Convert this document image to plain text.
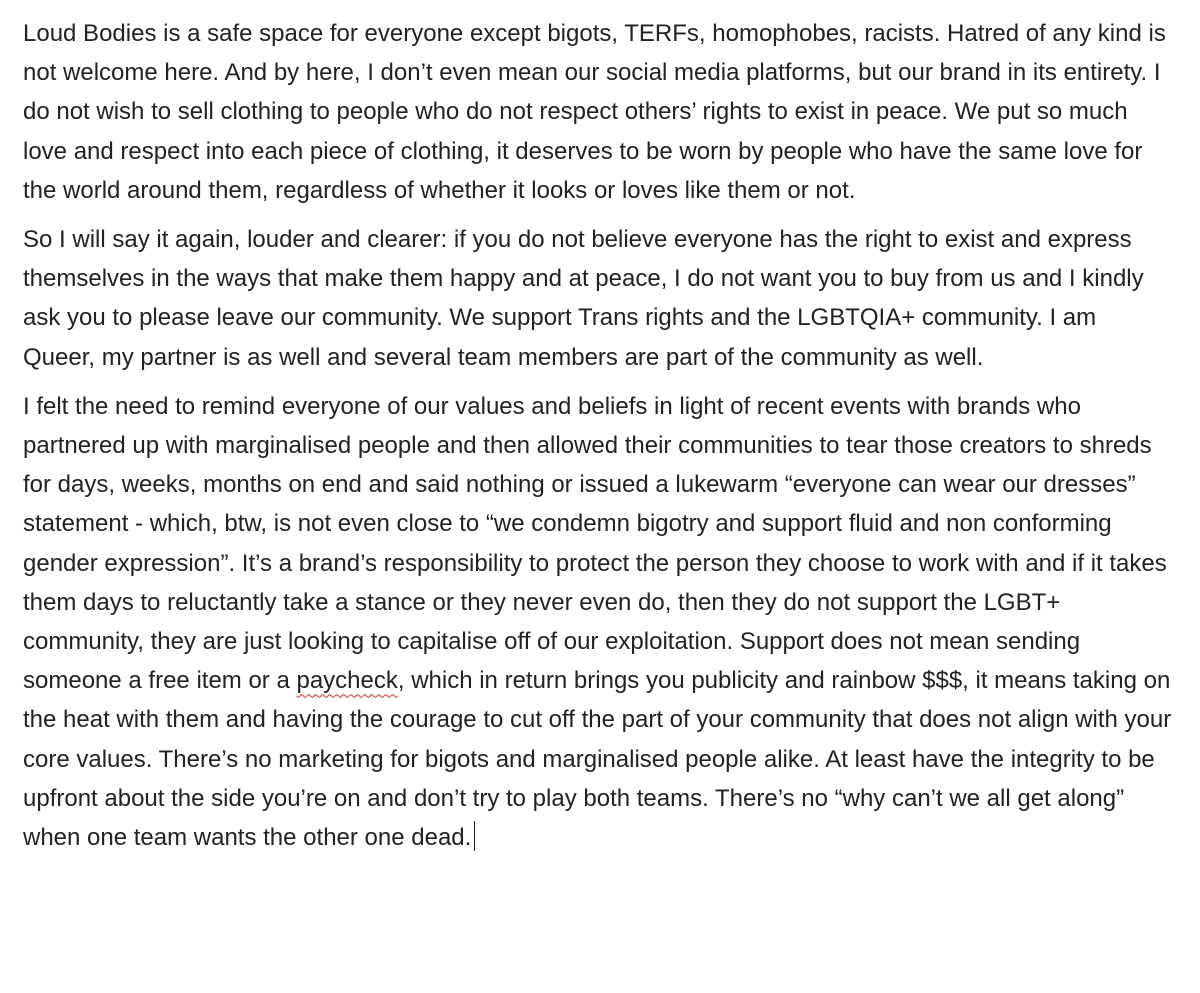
Loud Bodies is a safe space for everyone except bigots, TERFs, homophobes, racists. Hatred of any kind is not welcome here. And by here, I don’t even mean our social media platforms, but our brand in its entirety. I do not wish to sell clothing to people who do not respect others’ rights to exist in peace. We put so much love and respect into each piece of clothing, it deserves to be worn by people who have the same love for the world around them, regardless of whether it looks or loves like them or not.

So I will say it again, louder and clearer: if you do not believe everyone has the right to exist and express themselves in the ways that make them happy and at peace, I do not want you to buy from us and I kindly ask you to please leave our community. We support Trans rights and the LGBTQIA+ community. I am Queer, my partner is as well and several team members are part of the community as well.

I felt the need to remind everyone of our values and beliefs in light of recent events with brands who partnered up with marginalised people and then allowed their communities to tear those creators to shreds for days, weeks, months on end and said nothing or issued a lukewarm “everyone can wear our dresses” statement - which, btw, is not even close to “we condemn bigotry and support fluid and non conforming gender expression”. It’s a brand’s responsibility to protect the person they choose to work with and if it takes them days to reluctantly take a stance or they never even do, then they do not support the LGBT+ community, they are just looking to capitalise off of our exploitation. Support does not mean sending someone a free item or a paycheck, which in return brings you publicity and rainbow $$$, it means taking on the heat with them and having the courage to cut off the part of your community that does not align with your core values. There’s no marketing for bigots and marginalised people alike. At least have the integrity to be upfront about the side you’re on and don’t try to play both teams. There’s no “why can’t we all get along” when one team wants the other one dead.
